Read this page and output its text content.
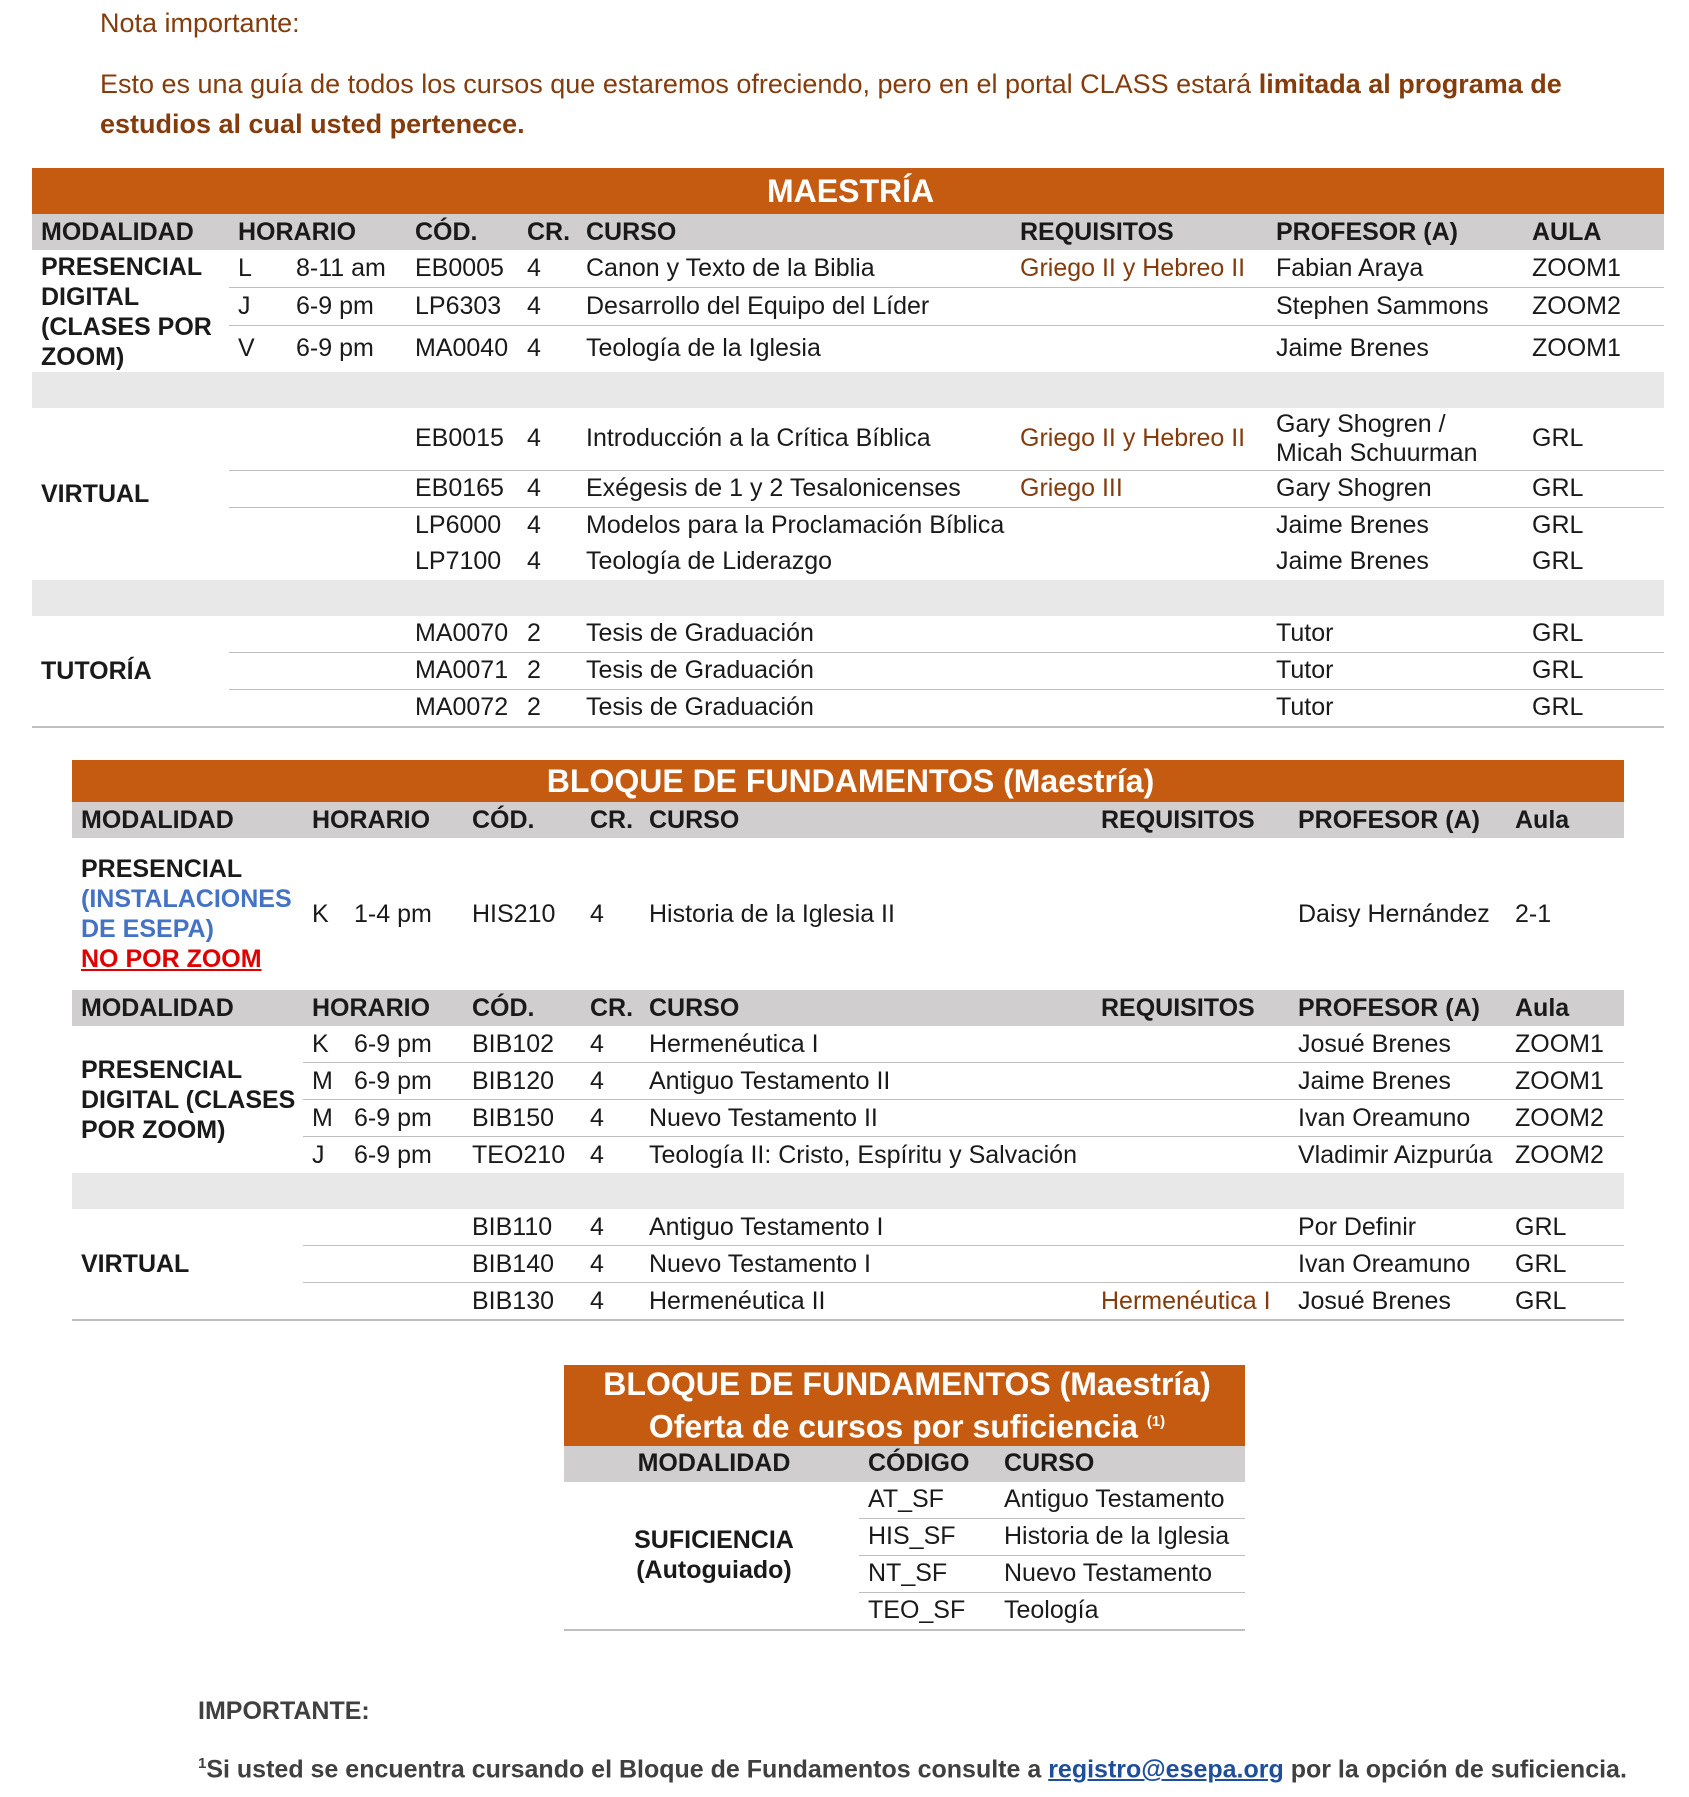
Nota importante:
Esto es una guía de todos los cursos que estaremos ofreciendo, pero en el portal CLASS estará limitada al programa de estudios al cual usted pertenece.
MAESTRÍA								
MODALIDAD	HORARIO		CÓD.	CR.	CURSO	REQUISITOS	PROFESOR (A)	AULA
PRESENCIAL DIGITAL (CLASES POR ZOOM)	L	8-11 am	EB0005	4	Canon y Texto de la Biblia	Griego II y Hebreo II	Fabian Araya	ZOOM1
	J	6-9 pm	LP6303	4	Desarrollo del Equipo del Líder		Stephen Sammons	ZOOM2
	V	6-9 pm	MA0040	4	Teología de la Iglesia		Jaime Brenes	ZOOM1

VIRTUAL			EB0015	4	Introducción a la Crítica Bíblica	Griego II y Hebreo II	Gary Shogren / Micah Schuurman	GRL
			EB0165	4	Exégesis de 1 y 2 Tesalonicenses	Griego III	Gary Shogren	GRL
			LP6000	4	Modelos para la Proclamación Bíblica		Jaime Brenes	GRL
			LP7100	4	Teología de Liderazgo		Jaime Brenes	GRL

TUTORÍA			MA0070	2	Tesis de Graduación		Tutor	GRL
			MA0071	2	Tesis de Graduación		Tutor	GRL
			MA0072	2	Tesis de Graduación		Tutor	GRL
BLOQUE DE FUNDAMENTOS (Maestría)								
MODALIDAD	HORARIO		CÓD.	CR.	CURSO	REQUISITOS	PROFESOR (A)	Aula

PRESENCIAL
(INSTALACIONES DE ESEPA)
NO POR ZOOM	K	1-4 pm	HIS210	4	Historia de la Iglesia II		Daisy Hernández	2-1
MODALIDAD	HORARIO		CÓD.	CR.	CURSO	REQUISITOS	PROFESOR (A)	Aula
PRESENCIAL DIGITAL (CLASES POR ZOOM)	K	6-9 pm	BIB102	4	Hermenéutica I		Josué Brenes	ZOOM1
	M	6-9 pm	BIB120	4	Antiguo Testamento II		Jaime Brenes	ZOOM1
	M	6-9 pm	BIB150	4	Nuevo Testamento II		Ivan Oreamuno	ZOOM2
	J	6-9 pm	TEO210	4	Teología II: Cristo, Espíritu y Salvación		Vladimir Aizpurúa	ZOOM2

VIRTUAL			BIB110	4	Antiguo Testamento I		Por Definir	GRL
			BIB140	4	Nuevo Testamento I		Ivan Oreamuno	GRL
			BIB130	4	Hermenéutica II	Hermenéutica I	Josué Brenes	GRL
BLOQUE DE FUNDAMENTOS (Maestría)
Oferta de cursos por suficiencia $^{(1)}$

MODALIDAD	CÓDIGO	CURSO

SUFICIENCIA
(Autoguiado)	AT_SF	Antiguo Testamento
	HIS_SF	Historia de la Iglesia
	NT_SF	Nuevo Testamento
	TEO_SF	Teología
IMPORTANTE:
$^1$Si usted se encuentra cursando el Bloque de Fundamentos consulte a registro@esepa.org por la opción de suficiencia.
